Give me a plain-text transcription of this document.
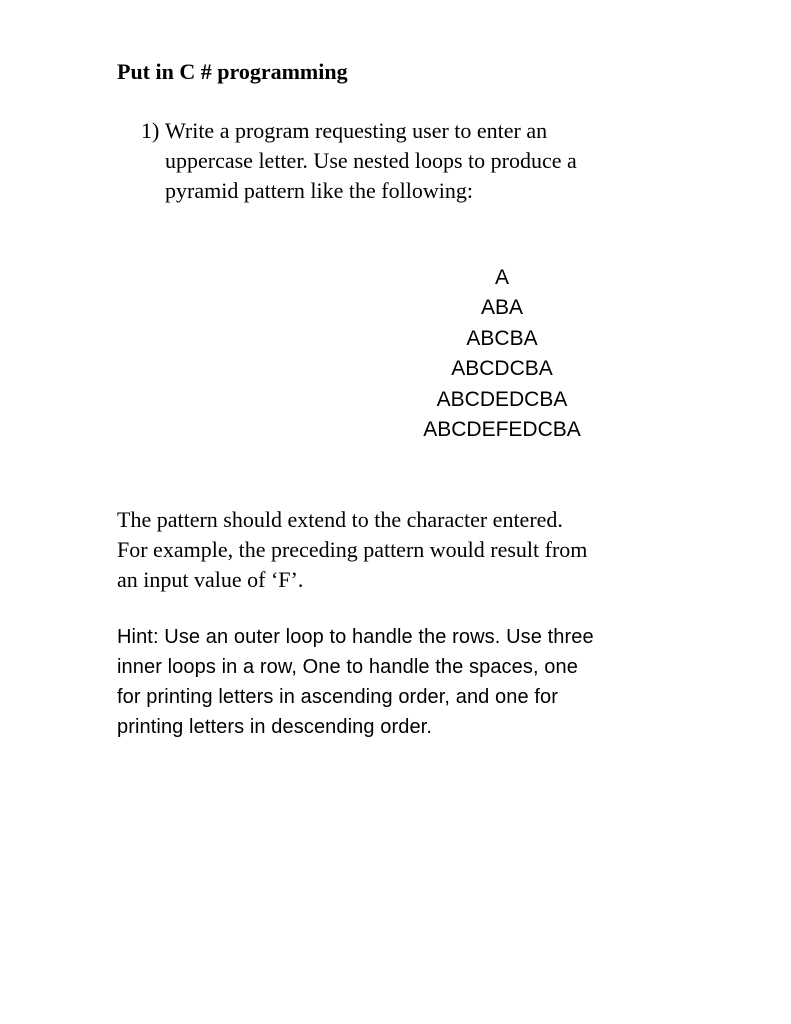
Put in C # programming
1) Write a program requesting user to enter an
uppercase letter. Use nested loops to produce a
pyramid pattern like the following:
A
ABA
ABCBA
ABCDCBA
ABCDEDCBA
ABCDEFEDCBA
The pattern should extend to the character entered.
For example, the preceding pattern would result from
an input value of ‘F’.
Hint: Use an outer loop to handle the rows. Use three
inner loops in a row, One to handle the spaces, one
for printing letters in ascending order, and one for
printing letters in descending order.
